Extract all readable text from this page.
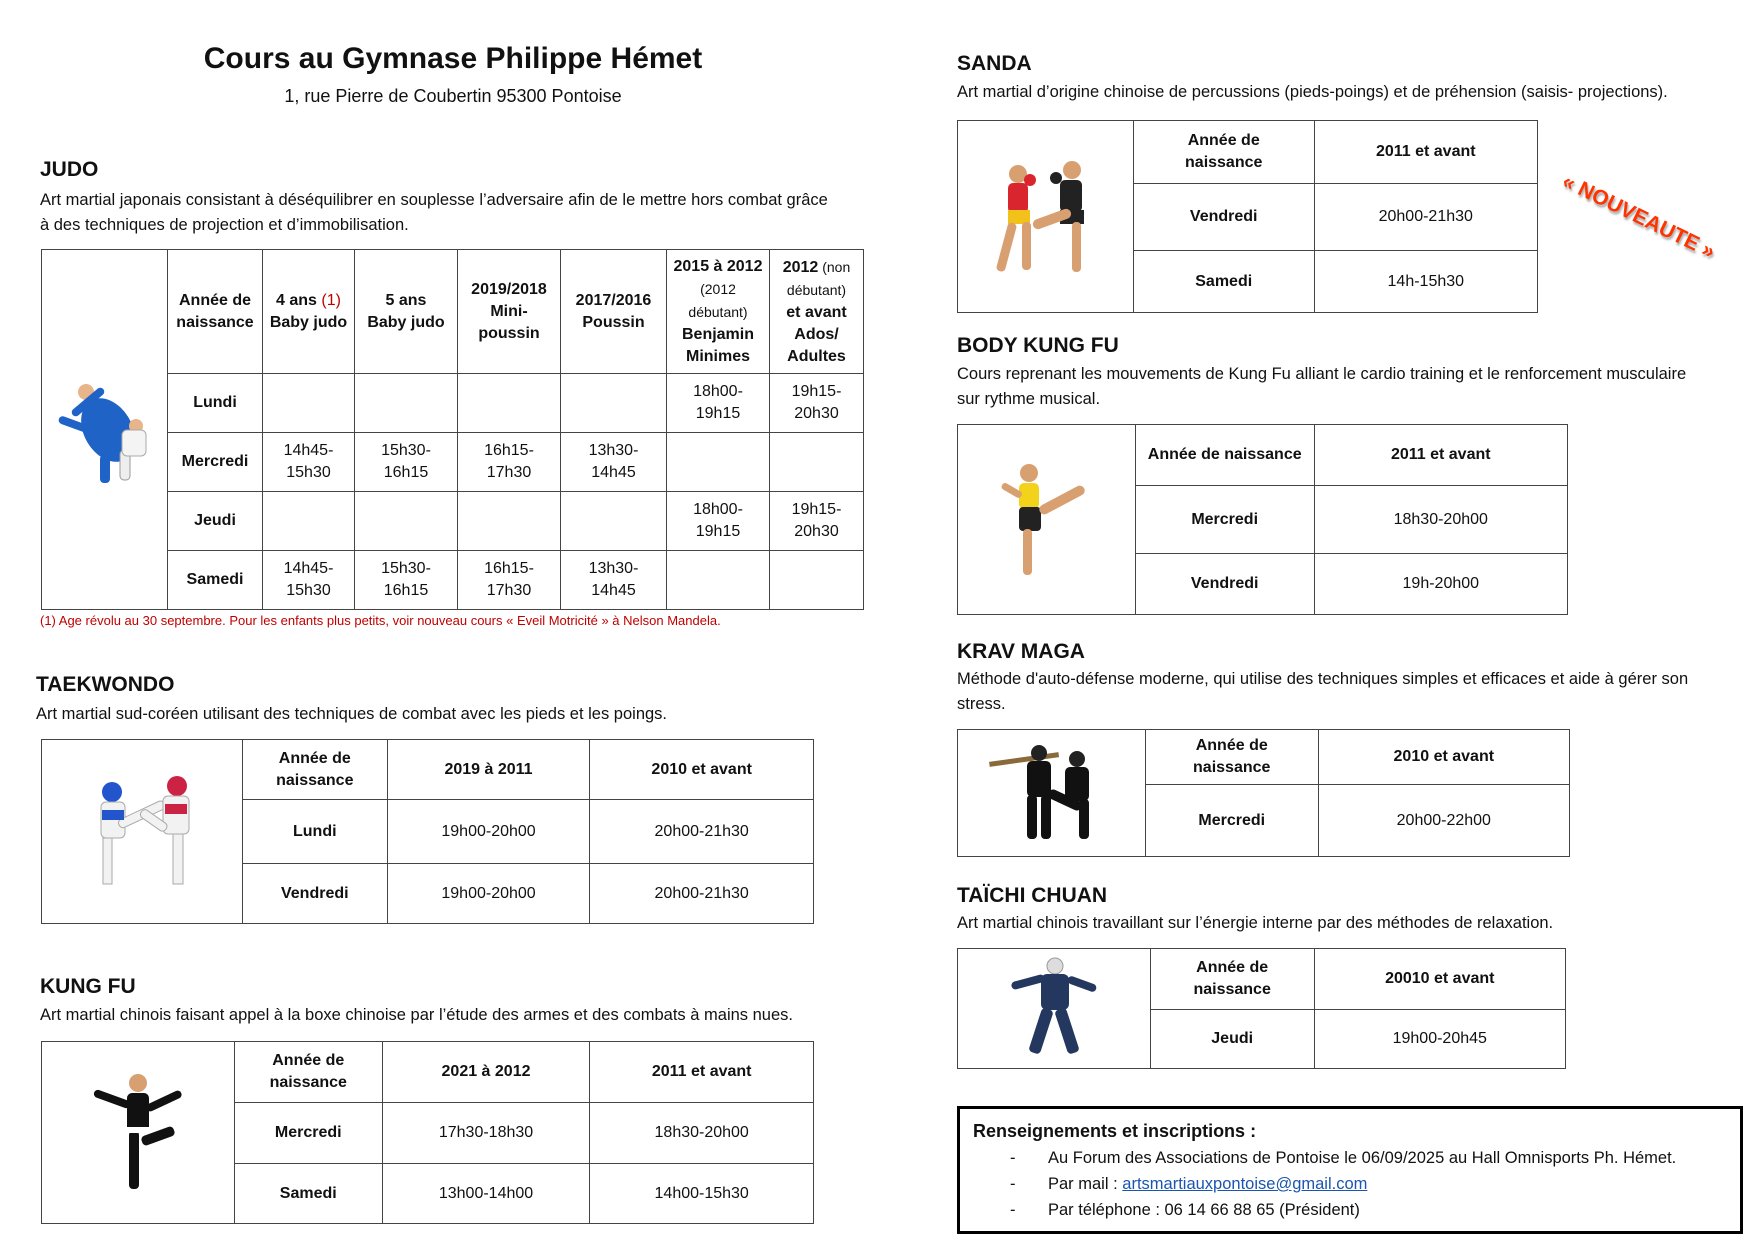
Cours au Gymnase Philippe Hémet
1, rue Pierre de Coubertin 95300 Pontoise
JUDO
Art martial japonais consistant à déséquilibrer en souplesse l’adversaire afin de le mettre hors combat grâce
à des techniques de projection et d’immobilisation.
	Année de
naissance	4 ans (1)
Baby judo	5 ans
Baby judo	2019/2018
Mini-
poussin	2017/2016
Poussin	2015 à 2012
(2012
débutant)
Benjamin
Minimes	2012 (non
débutant)
et avant
Ados/
Adultes
	Lundi					18h00-
19h15	19h15-
20h30
	Mercredi	14h45-
15h30	15h30-
16h15	16h15-
17h30	13h30-
14h45	

	Jeudi					18h00-
19h15	19h15-
20h30
	Samedi	14h45-
15h30	15h30-
16h15	16h15-
17h30	13h30-
14h45	

(1) Age révolu au 30 septembre. Pour les enfants plus petits, voir nouveau cours « Eveil Motricité » à Nelson Mandela.
TAEKWONDO
Art martial sud-coréen utilisant des techniques de combat avec les pieds et les poings.
	Année de
naissance	2019 à 2011	2010 et avant
	Lundi	19h00-20h00	20h00-21h30
	Vendredi	19h00-20h00	20h00-21h30
KUNG FU
Art martial chinois faisant appel à la boxe chinoise par l’étude des armes et des combats à mains nues.
	Année de
naissance	2021 à 2012	2011 et avant
	Mercredi	17h30-18h30	18h30-20h00
	Samedi	13h00-14h00	14h00-15h30
SANDA
Art martial d’origine chinoise de percussions (pieds-poings) et de préhension (saisis- projections).
	Année de
naissance	2011 et avant
	Vendredi	20h00-21h30
	Samedi	14h-15h30
« NOUVEAUTE »
BODY KUNG FU
Cours reprenant les mouvements de Kung Fu alliant le cardio training et le renforcement musculaire
sur rythme musical.
	Année de naissance	2011 et avant
	Mercredi	18h30-20h00
	Vendredi	19h-20h00
KRAV MAGA
Méthode d'auto-défense moderne, qui utilise des techniques simples et efficaces et aide à gérer son
stress.
	Année de
naissance	2010 et avant
	Mercredi	20h00-22h00
TAÏCHI CHUAN
Art martial chinois travaillant sur l’énergie interne par des méthodes de relaxation.
	Année de
naissance	20010 et avant
	Jeudi	19h00-20h45
Renseignements et inscriptions :
- Au Forum des Associations de Pontoise le 06/09/2025 au Hall Omnisports Ph. Hémet.
- Par mail : artsmartiauxpontoise@gmail.com
- Par téléphone : 06 14 66 88 65 (Président)
